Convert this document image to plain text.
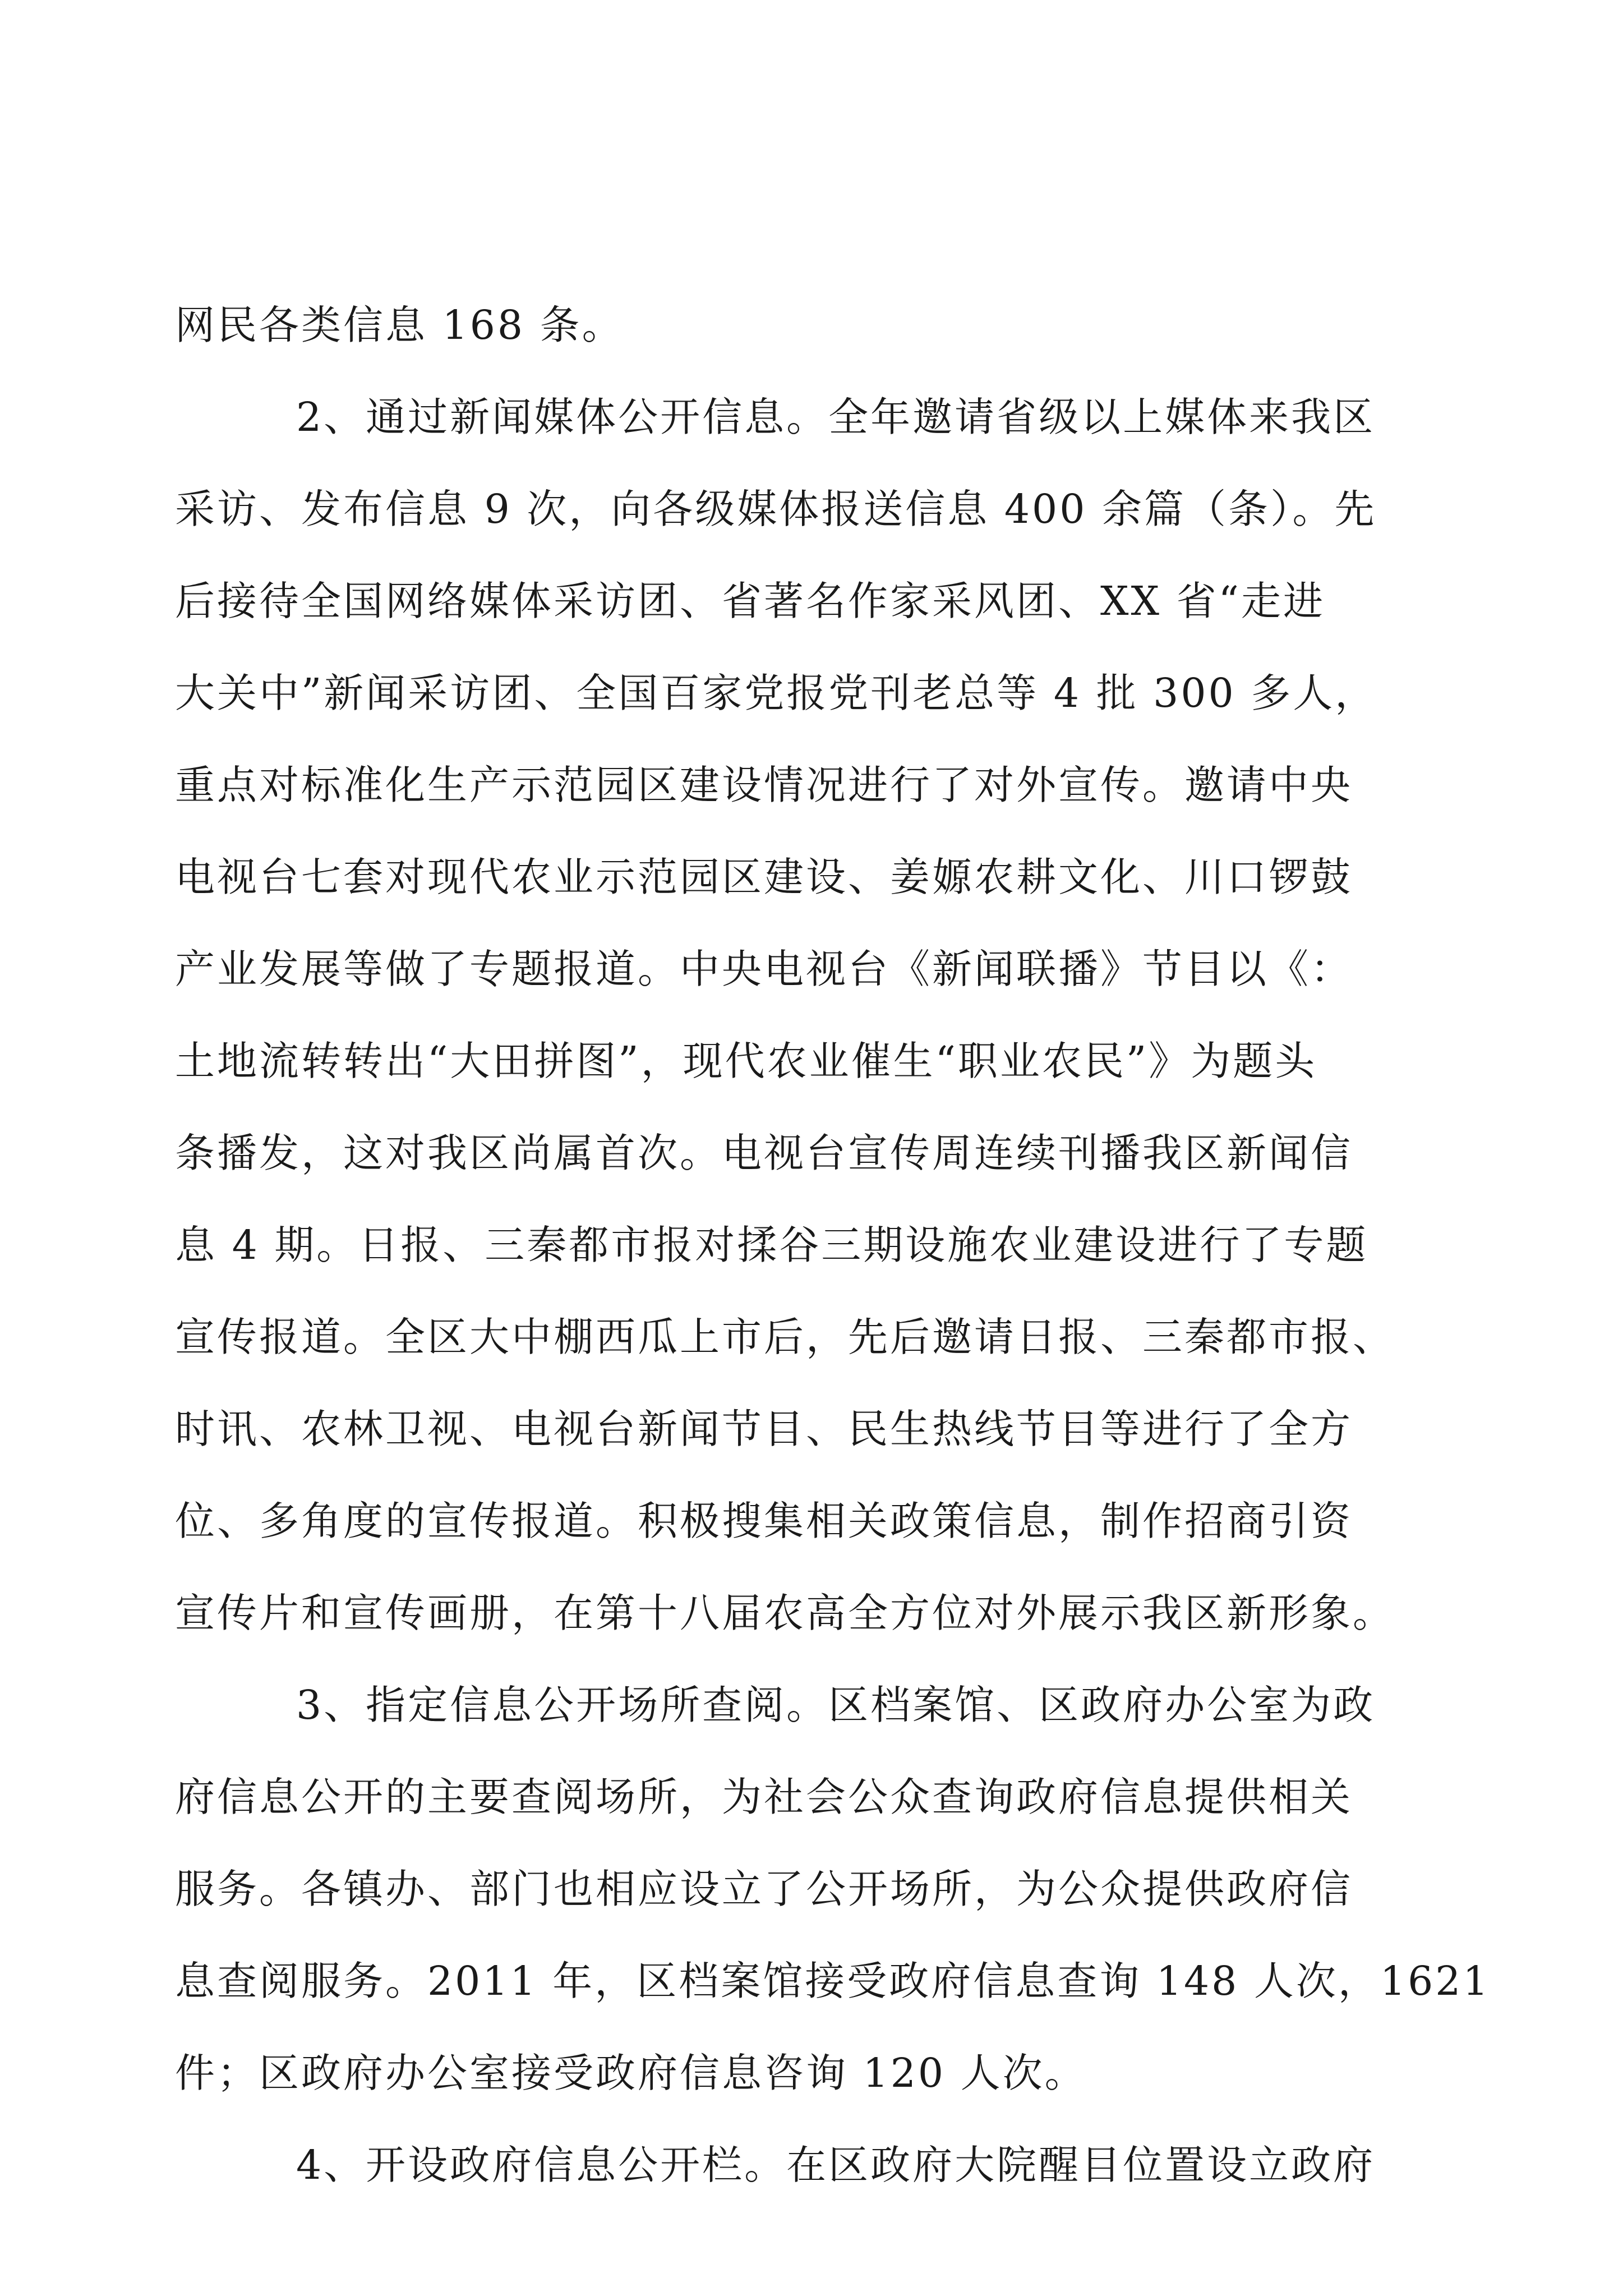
网民各类信息 168 条。
2、通过新闻媒体公开信息。全年邀请省级以上媒体来我区
采访、发布信息 9 次，向各级媒体报送信息 400 余篇（条）。先
后接待全国网络媒体采访团、省著名作家采风团、XX 省“走进
大关中”新闻采访团、全国百家党报党刊老总等 4 批 300 多人，
重点对标准化生产示范园区建设情况进行了对外宣传。邀请中央
电视台七套对现代农业示范园区建设、姜嫄农耕文化、川口锣鼓
产业发展等做了专题报道。中央电视台《新闻联播》节目以《：
土地流转转出“大田拼图”，现代农业催生“职业农民”》为题头
条播发，这对我区尚属首次。电视台宣传周连续刊播我区新闻信
息 4 期。日报、三秦都市报对揉谷三期设施农业建设进行了专题
宣传报道。全区大中棚西瓜上市后，先后邀请日报、三秦都市报、
时讯、农林卫视、电视台新闻节目、民生热线节目等进行了全方
位、多角度的宣传报道。积极搜集相关政策信息，制作招商引资
宣传片和宣传画册，在第十八届农高全方位对外展示我区新形象。
3、指定信息公开场所查阅。区档案馆、区政府办公室为政
府信息公开的主要查阅场所，为社会公众查询政府信息提供相关
服务。各镇办、部门也相应设立了公开场所，为公众提供政府信
息查阅服务。2011 年，区档案馆接受政府信息查询 148 人次，1621
件；区政府办公室接受政府信息咨询 120 人次。
4、开设政府信息公开栏。在区政府大院醒目位置设立政府
